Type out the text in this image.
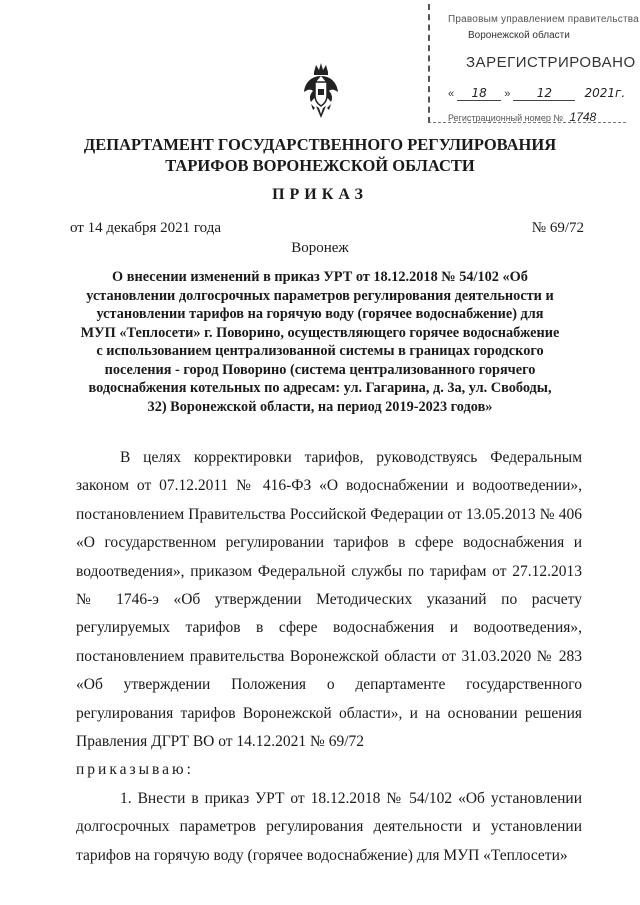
Правовым управлением правительства
Воронежской области
ЗАРЕГИСТРИРОВАНО
« 18 » 12	2021г.
Регистрационный номер № 1748
ДЕПАРТАМЕНТ ГОСУДАРСТВЕННОГО РЕГУЛИРОВАНИЯ ТАРИФОВ ВОРОНЕЖСКОЙ ОБЛАСТИ
ПРИКАЗ
от 14 декабря 2021 года	№ 69/72
Воронеж
О внесении изменений в приказ УРТ от 18.12.2018 № 54/102 «Об установлении долгосрочных параметров регулирования деятельности и установлении тарифов на горячую воду (горячее водоснабжение) для МУП «Теплосети» г. Поворино, осуществляющего горячее водоснабжение с использованием централизованной системы в границах городского поселения - город Поворино (система централизованного горячего водоснабжения котельных по адресам: ул. Гагарина, д. 3а, ул. Свободы, 32) Воронежской области, на период 2019-2023 годов»

В целях корректировки тарифов, руководствуясь Федеральным законом от 07.12.2011 № 416-ФЗ «О водоснабжении и водоотведении», постановлением Правительства Российской Федерации от 13.05.2013 № 406 «О государственном регулировании тарифов в сфере водоснабжения и водоотведения», приказом Федеральной службы по тарифам от 27.12.2013 № 1746-э «Об утверждении Методических указаний по расчету регулируемых тарифов в сфере водоснабжения и водоотведения», постановлением правительства Воронежской области от 31.03.2020 № 283 «Об утверждении Положения о департаменте государственного регулирования тарифов Воронежской области», и на основании решения Правления ДГРТ ВО от 14.12.2021 № 69/72

приказываю:

1. Внести в приказ УРТ от 18.12.2018 № 54/102 «Об установлении долгосрочных параметров регулирования деятельности и установлении тарифов на горячую воду (горячее водоснабжение) для МУП «Теплосети»
